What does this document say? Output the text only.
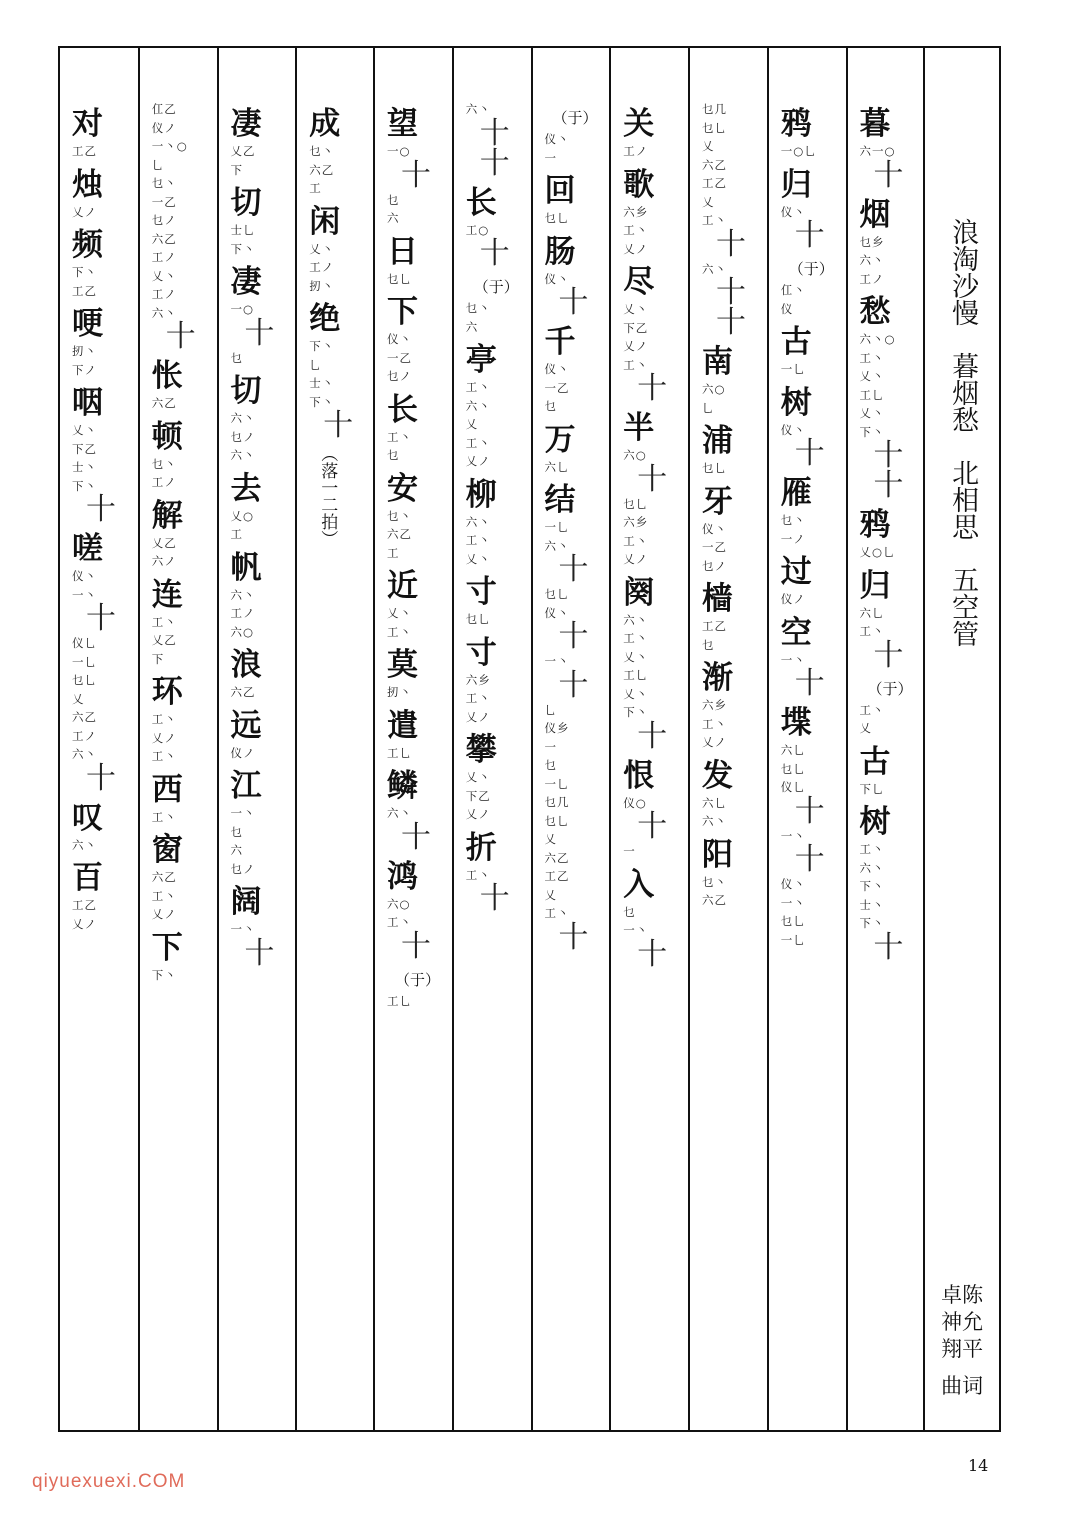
对
工乙
烛
乂ノ
频
下丶
工乙
哽
扨丶
下ノ
咽
乂丶
下乙
士丶
下丶
十
嗟
仪丶
一丶
十
仪乚
一乚
乜乚
乂
六乙
工ノ
六丶
十
叹
六丶
百
工乙
乂ノ
仜乙
仪ノ
一丶○
乚
乜丶
一乙
乜ノ
六乙
工ノ
乂丶
工ノ
六丶
十
怅
六乙
顿
乜丶
工ノ
解
乂乙
六ノ
连
工丶
乂乙
下
环
工丶
乂ノ
工丶
西
工丶
窗
六乙
工丶
乂ノ
下
下丶
凄
乂乙
下
切
士乚
下丶
凄
一○
十
乜
切
六丶
乜ノ
六丶
去
乂○
工
帆
六丶
工ノ
六○
浪
六乙
远
仪ノ
江
一丶
乜
六
乜ノ
阔
一丶
十
成
乜丶
六乙
工
闲
乂丶
工ノ
扨丶
绝
下丶
乚
士丶
下丶
十
（落一二拍）
望
一○
十
乜
六
日
乜乚
下
仪丶
一乙
乜ノ
长
工丶
乜
安
乜丶
六乙
工
近
乂丶
工丶
莫
扨丶
遣
工乚
鳞
六丶
十
鸿
六○
工丶
十
（于）
工乚
六丶
十
十
长
工○
十
（于）
乜丶
六
亭
工丶
六丶
乂
工丶
乂ノ
柳
六丶
工丶
乂丶
寸
乜乚
寸
六乡
工丶
乂ノ
攀
乂丶
下乙
乂ノ
折
工丶
十
（于）
仪丶
一
回
乜乚
肠
仪丶
十
千
仪丶
一乙
乜
万
六乚
结
一乚
六丶
十
乜乚
仪丶
十
一丶
十
乚
仪乡
一
乜
一乚
乜几
乜乚
乂
六乙
工乙
乂
工丶
十
关
工ノ
歌
六乡
工丶
乂ノ
尽
乂丶
下乙
乂ノ
工丶
十
半
六○
十
乜乚
六乡
工丶
乂ノ
阕
六丶
工丶
乂丶
工乚
乂丶
下丶
十
恨
仪○
十
一
入
乜
一丶
十
乜几
乜乚
乂
六乙
工乙
乂
工丶
十
六丶
十
十
南
六○
乚
浦
乜乚
牙
仪丶
一乙
乜ノ
樯
工乙
乜
渐
六乡
工丶
乂ノ
发
六乚
六丶
阳
乜丶
六乙
鸦
一○乚
归
仪丶
十
（于）
仜丶
仪
古
一乚
树
仪丶
十
雁
乜丶
一ノ
过
仪ノ
空
一丶
十
堞
六乚
乜乚
仪乚
十
一丶
十
仪丶
一丶
乜乚
一乚
暮
六一○
十
烟
乜乡
六丶
工ノ
愁
六丶○
工丶
乂丶
工乚
乂丶
下丶
十
十
鸦
乂○乚
归
六乚
工丶
十
（于）
工丶
乂
古
下乚
树
工丶
六丶
下丶
士丶
下丶
十
浪淘沙慢
暮烟愁
北相思
五空管
卓陈
神允
翔平
曲词
14
qiyuexuexi.COM
